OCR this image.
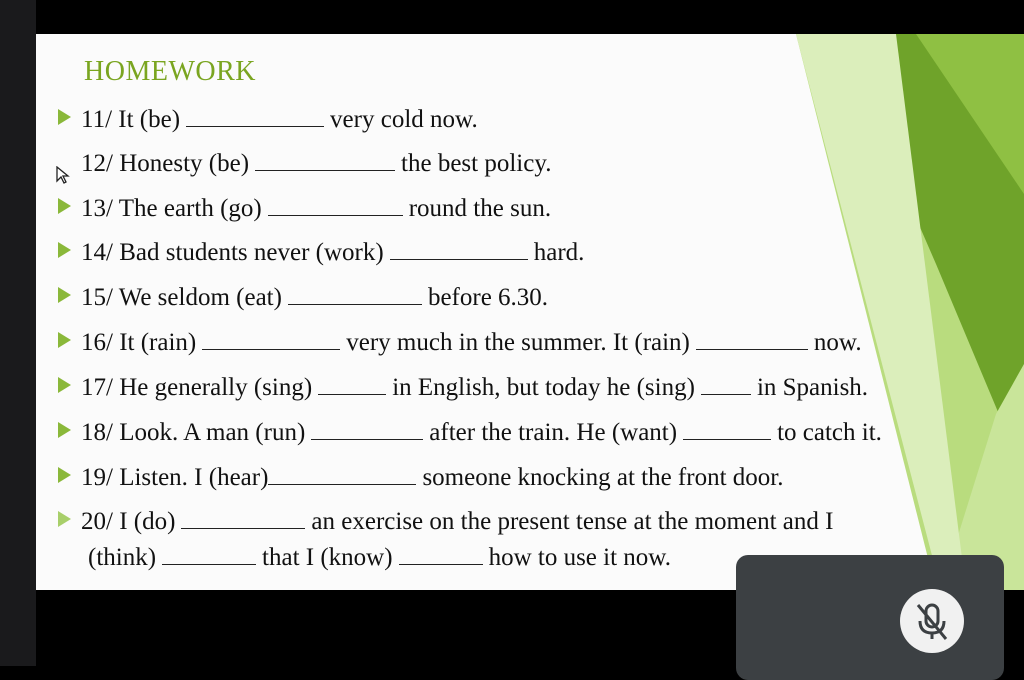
HOMEWORK
11/ It (be)	very cold now.
12/ Honesty (be)	the best policy.
13/ The earth (go)	round the sun.
14/ Bad students never (work)	hard.
15/ We seldom (eat)	before 6.30.
16/ It (rain)	very much in the summer. It (rain)	now.
17/ He generally (sing)	in English, but today he (sing) in Spanish.
18/ Look. A man (run)	after the train. He (want)	to catch it.
19/ Listen. I (hear)	someone knocking at the front door.
20/ I (do)	an exercise on the present tense at the moment and I
(think)	that I (know)	how to use it now.
